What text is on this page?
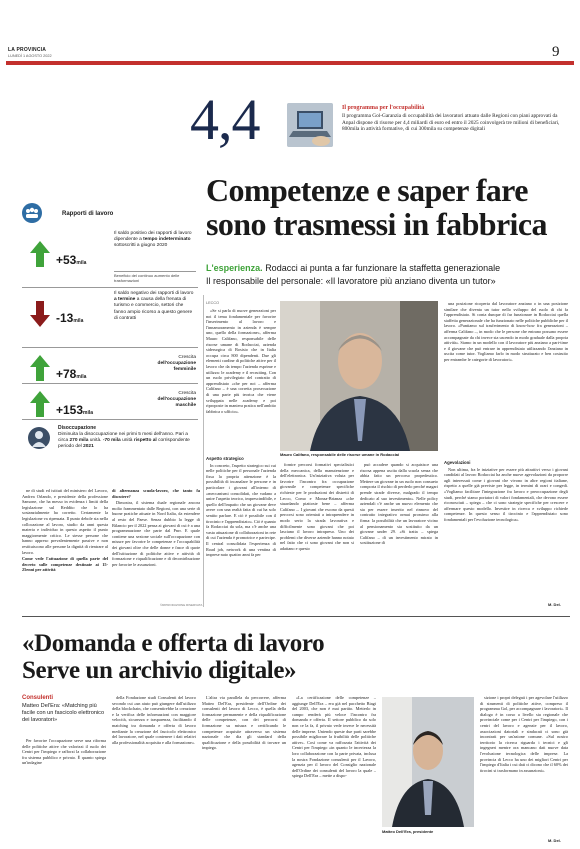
LA PROVINCIA
LUNEDÌ 1 AGOSTO 2022	9
4,4	Il programma per l'occupabilità
Il programma Gol-Garanzia di occupabilità dei lavoratori attuato dalle Regioni con piani approvati da Anpal dispone di risorse per 4,4 miliardi di euro ed entro il 2025 coinvolgerà tre milioni di beneficiari, 800mila in attività formative, di cui 300mila su competenze digitali
Competenze e saper fare
sono trasmessi in fabbrica
L'esperienza. Rodacci ai punta a far funzionare la staffetta generazionale
Il responsabile del personale: «Il lavoratore più anziano diventa un tutor»
Rapporti di lavoro
+53mila
Il saldo positivo dei rapporti di lavoro dipendente a tempo indeterminato sottoscritti a giugno 2020
Beneficio del continuo aumento delle trasformazioni
-13mila
Il saldo negativo dei rapporti di lavoro a termine a causa della frenata di turismo e commercio, settori che fanno ampio ricorso a questo genere di contratti
+78mila
Crescita dell'occupazione femminile
+153mila
Crescita dell'occupazione maschile
Disoccupazione
Diminuita la disoccupazione nei primi 5 mesi dell'anno. Pari a circa 270 mila unità. -70 mila unità rispetto al corrispondente periodo del 2021

ne di studi ed istituti del ministero del Lavoro, Andrea Orlando, e presidente della professione Sansone, che ha messo in evidenza i limiti della legislazione sul Reddito che lo ha sostanzialmente ha corretto. Certamente la legislazione va ripensata. Il punto debole sta nella collocazione al lavoro, studio da anni questa materia e individuo in questo aspetto il punto maggiormente critico. Le stesse persone che hanno appreso prevalentemente passive e non restituiscono alle persone la dignità di rientrare al lavoro.

Come vede l'attuazione di quella parte del decreto sulle competenze destinate ai 15-25enni per attività

di alternanza scuola-lavoro, che tanto fa discutere?

Dimostra, il sistema duale regionale ancora molto frammentato dalle Regioni, con una serie di buone pratiche attuate in Nord Italia, da estendere al resto del Paese. Senza dubbio la legge di Bilancio per il 2022 pensa ai giovani di cui è a una programmazione che parte dal Pnrr. E quale contiene una sezione sociale sull'occupazione con misure per favorire le competenze e l'occupabilità dei giovani oltre che delle donne e fasce di quote dell'istituzione di politiche attive e attività di formazione e riqualificazione e di decontribuzione per favorire le assunzioni.

©RIPRODUZIONE RISERVATA
LECCO

«Se si parla di nuove generazioni per noi il tema fondamentale per favorire l'inserimento al lavoro e l'innamoramento in azienda è sempre uno, quello della formazione», afferma Mauro Califano, responsabile delle risorse umane di Rodacciai, azienda siderurgica di Bosisio che in Italia occupa circa 800 dipendenti. Due gli elementi cardine di politiche attive per il lavoro che da tempo l'azienda esprime e utilizza: le academy e il recruiting. Con un ruolo privilegiato del contratto di apprendistato «che per noi – afferma Califano – è una corretta prosecuzione di una parte più teorica che viene sviluppata nelle academy e poi ripropostе in maniera pratica nell'ambito fabbrica o ufficio».

Aspetto strategico

In concreto, l'aspetto strategico sui cui nelle politiche per il personale l'azienda fissa la propria attenzione è la possibilità di incanalare le persone e in particolare i giovani all'interno di «meccanismi consolidati, che vadano a unire l'aspetto teorico, imprescindibile, e quello dell'impatto che un giovane deve avere con una realtà fatta di cui ha solo sentito parlare. E ciò è possibile con il tirocinio e l'apprendistato». Ciò è quanto fa Rodacciai da sola, ma c'è anche una vasta attuazione di collaborazioni in rete di cui l'azienda è promotrice e partecipe. Il central consolidata l'esperienza di Road job, network di una ventina di imprese nato quattro anni fa per

Mauro Califano, responsabile delle risorse umane in Rodacciai

fornire percorsi formativi specialistici della meccanica, della manutenzione e dell'elettronica. Un'iniziativa voluta per favorire l'incontro fra occupazione giovanile e competenze specifiche richieste per le produzioni dei distretti di Lecco, Como e Monza-Brianza «che stuardando piattoste bene – afferma Califano –. I giovani che escono da questi percorsi sono orientati a intraprendere in modo serio la strada lavorativa e difficilmente sono giovani che poi lasciano il lavoro intrapreso. Uno dei problemi che diverse aziende hanno notato nel fatto che ci sono giovani che non si adattano e questo

può accadere quando si acquisisce una risorsa appena uscita dalla scuola senza che abbia fatto un percorso propedeutico. Mettere un giovane in un ruolo non consueto comporta il rischio di perderlo perché magari prende strade diverse, malgrado il tempo dedicato al suo investimento». Nelle policy aziendali c'è anche un nuovo elemento che sta per essere inserito nel rinnovo del contratto integrativo ormai prossimo alla firma: la possibilità che un lavoratore vicino al pensionamento sia sostituito da un giovane under 29. «Si tratta – spiega Califano – di un investimento mirato in sostituzione di

una posizione ricoperta dal lavoratore anziano o in una posizione similare che diventa un tutor nello sviluppo del ruolo di chi fa l'apprendistato. Si conta dunque di far funzionare in Rodacciai quella staffetta generazionale che ha funzionato nelle politiche pubbliche per il lavoro. «Puntiamo sul trasferimento di know-how fra generazioni – afferma Califano –, in modo che le persone che entrano possano essere accompagnate da chi invece sta uscendo in modo graduale dalla propria attività». Siamo in un modello con il lavoratore più anziano a part-time e il giovane che può entrare in apprendistato utilizzando l'anziano in uscita come tutor. Vogliamo farlo in modo strutturato e ben costruito per entrambe le categorie di lavoratori».

Agevolazioni

Non ultima, fra le iniziative per essere più attrattivi verso i giovani candidati al lavoro Rodacciai ha anche nuove agevolazioni da proporre agli interessati come i giovani che vivono in altre regioni italiane, rispetto a quelle già previste per legge, in termini di orari e congedi. «Vogliamo facilitare l'integrazione fra lavoro e preoccupazione degli studi, perché siamo portatori di valori fondamentali, che devono essere riconosciuti – spiega – che ci sono strategie specifiche per crescere e affermare questo modello. Investire in ricerca e sviluppo richiede competenze. In questo senso il tirocinio e l'apprendistato sono fondamentali per l'evoluzione tecnologica».

M. Del.
«Domanda e offerta di lavoro
Serve un archivio digitale»
Consulenti
Matteo Del'Era: «Matching più facile con un fascicolo elettronico dei lavoratori»

Per favorire l'occupazione serve una riforma delle politiche attive che valorizzi il ruolo dei Centri per l'impiego e rafforzi la collaborazione fra sistema pubblico e privato. È quanto spiega un'indagine

della Fondazione studi Consulenti del lavoro secondo cui «un aiuto può giungere dall'utilizzo della blockchain, che consentirebbe la creazione e la verifica delle informazioni con maggiore velocità, sicurezza e trasparenza, facilitando il matching tra domanda e offerta di lavoro mediante la creazione del fascicolo elettronico del lavoratore, nel quale contenere i dati relativi alla professionalità acquisita e alla formazione».

L'altra via parallela da percorrere, afferma Matteo Del'Era, presidente dell'Ordine dei consulenti del lavoro di Lecco, è quella della formazione permanente e della riqualificazione delle competenze, con dei percorsi di formazione su misura e certificando le competenze acquisite attraverso un sistema nazionale che dia gli standard della qualificazione e della possibilità di trovare un impiego.

«La certificazione delle competenze – aggiunge Dell'Era – era già nel pacchetto Biagi del 2003, che non è mai partito. Metterlo in campo renderà più veloce l'incontro fra domanda e offerta. Il settore pubblico da solo non ce la fa, il privato vede invece le necessità delle imprese. Uniendo queste due parti sarebbe possibile migliorare la fruibilità delle politiche attive». Così come va rafforzata l'attività dei Centri per l'impiego «in quanto le incertezza la loro collaborazione con la parte privata, inclusa la nostra Fondazione consulenti per il Lavoro, agenzia per il lavoro del Consiglio nazionale dell'Ordine dei consulenti del lavoro la quale – spiega Dell'Era – mette a dispo-

Matteo Dell'Era, presidente

sizione i propri delegati i per agevolare l'utilizzo di strumenti di politiche attive, compreso il programma Gol, per accompagnare i lavoratori». Il dialogo è in corso a livello sia regionale che provinciale come per i Centri per l'impiego, con i centri del lavoro e agenzie per il lavoro, associazioni datoriali e sindacati ci sono già incontrati per un'azione comune. «Sul nostro territorio la ricerca riguarda i tecnici e gli ingegneri mentre ora mancano dati nuove data l'evoluzione tecnologica delle imprese. La provincia di Lecco ha uno dei migliori Centri per l'impiego d'Italia i cui dati ci dicono che il 60% dei tirocini si trasformano in assunzioni».

M. Del.
